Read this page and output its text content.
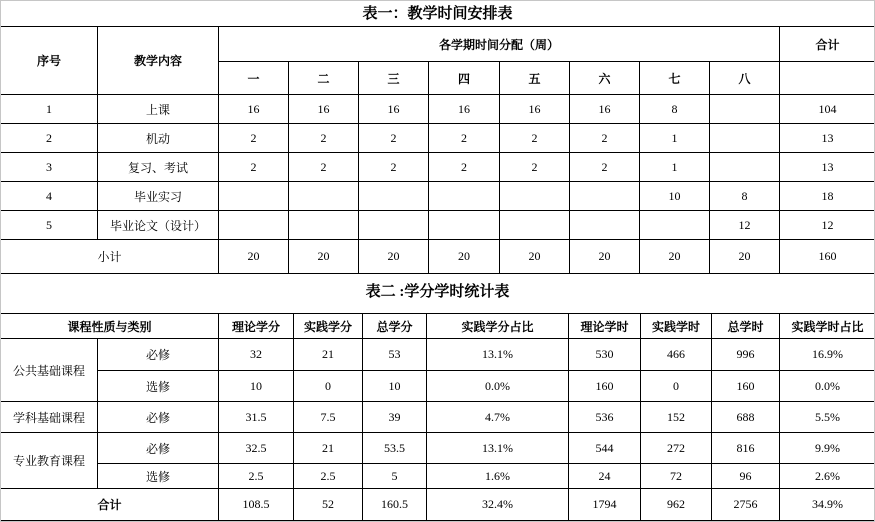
表一：教学时间安排表
序号	教学内容	各学期时间分配（周）								合计
		一	二	三	四	五	六	七	八	
1	上课	16	16	16	16	16	16	8		104
2	机动	2	2	2	2	2	2	1		13
3	复习、考试	2	2	2	2	2	2	1		13
4	毕业实习							10	8	18
5	毕业论文（设计）								12	12
小计		20	20	20	20	20	20	20	20	160
表二 :学分学时统计表
课程性质与类别		理论学分	实践学分	总学分	实践学分占比	理论学时	实践学时	总学时	实践学时占比
公共基础课程	必修	32	21	53	13.1%	530	466	996	16.9%
	选修	10	0	10	0.0%	160	0	160	0.0%
学科基础课程	必修	31.5	7.5	39	4.7%	536	152	688	5.5%
专业教育课程	必修	32.5	21	53.5	13.1%	544	272	816	9.9%
	选修	2.5	2.5	5	1.6%	24	72	96	2.6%
合计		108.5	52	160.5	32.4%	1794	962	2756	34.9%
